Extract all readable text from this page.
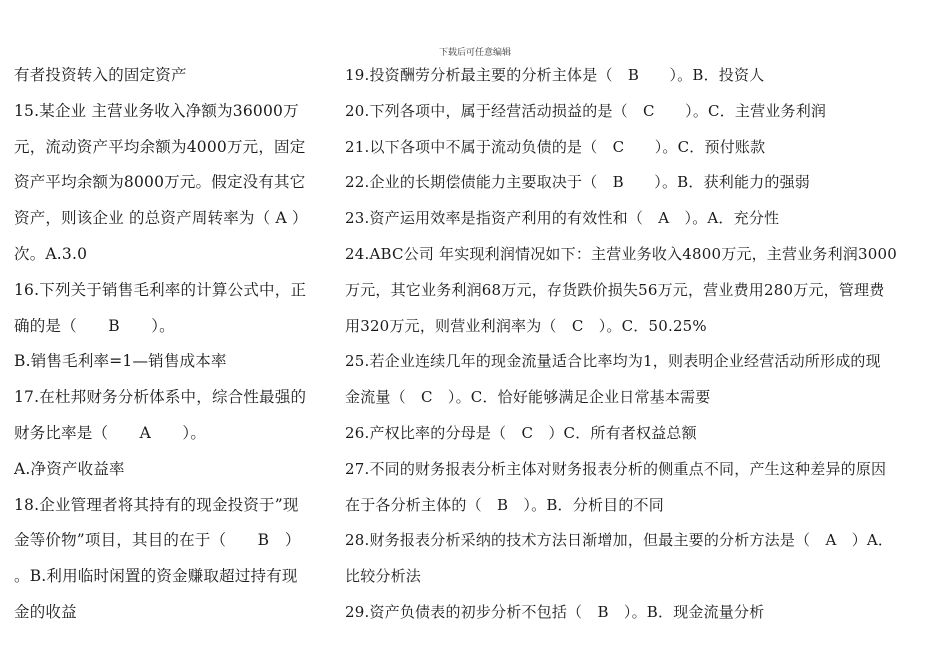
下载后可任意编辑
有者投资转入的固定资产
15.某企业 主营业务收入净额为36000万
元，流动资产平均余额为4000万元，固定
资产平均余额为8000万元。假定没有其它
资产，则该企业 的总资产周转率为（ A ）
次。A.3.0
16.下列关于销售毛利率的计算公式中，正
确的是（　　B　　）。
B.销售毛利率=1—销售成本率
17.在杜邦财务分析体系中，综合性最强的
财务比率是（　　A　　）。
A.净资产收益率
18.企业管理者将其持有的现金投资于”现
金等价物”项目，其目的在于（　　B　）
。B.利用临时闲置的资金赚取超过持有现
金的收益
19.投资酬劳分析最主要的分析主体是（　B　　）。B．投资人
20.下列各项中，属于经营活动损益的是（　C　　）。C．主营业务利润
21.以下各项中不属于流动负债的是（　C　　）。C．预付账款
22.企业的长期偿债能力主要取决于（　B　　）。B．获利能力的强弱
23.资产运用效率是指资产利用的有效性和（　A　）。A．充分性
24.ABC公司 年实现利润情况如下：主营业务收入4800万元，主营业务利润3000
万元，其它业务利润68万元，存货跌价损失56万元，营业费用280万元，管理费
用320万元，则营业利润率为（　C　）。C．50.25%
25.若企业连续几年的现金流量适合比率均为1，则表明企业经营活动所形成的现
金流量（　C　）。C．恰好能够满足企业日常基本需要
26.产权比率的分母是（　C　）C．所有者权益总额
27.不同的财务报表分析主体对财务报表分析的侧重点不同，产生这种差异的原因
在于各分析主体的（　B　）。B．分析目的不同
28.财务报表分析采纳的技术方法日渐增加，但最主要的分析方法是（　A　）A．
比较分析法
29.资产负债表的初步分析不包括（　B　）。B．现金流量分析
